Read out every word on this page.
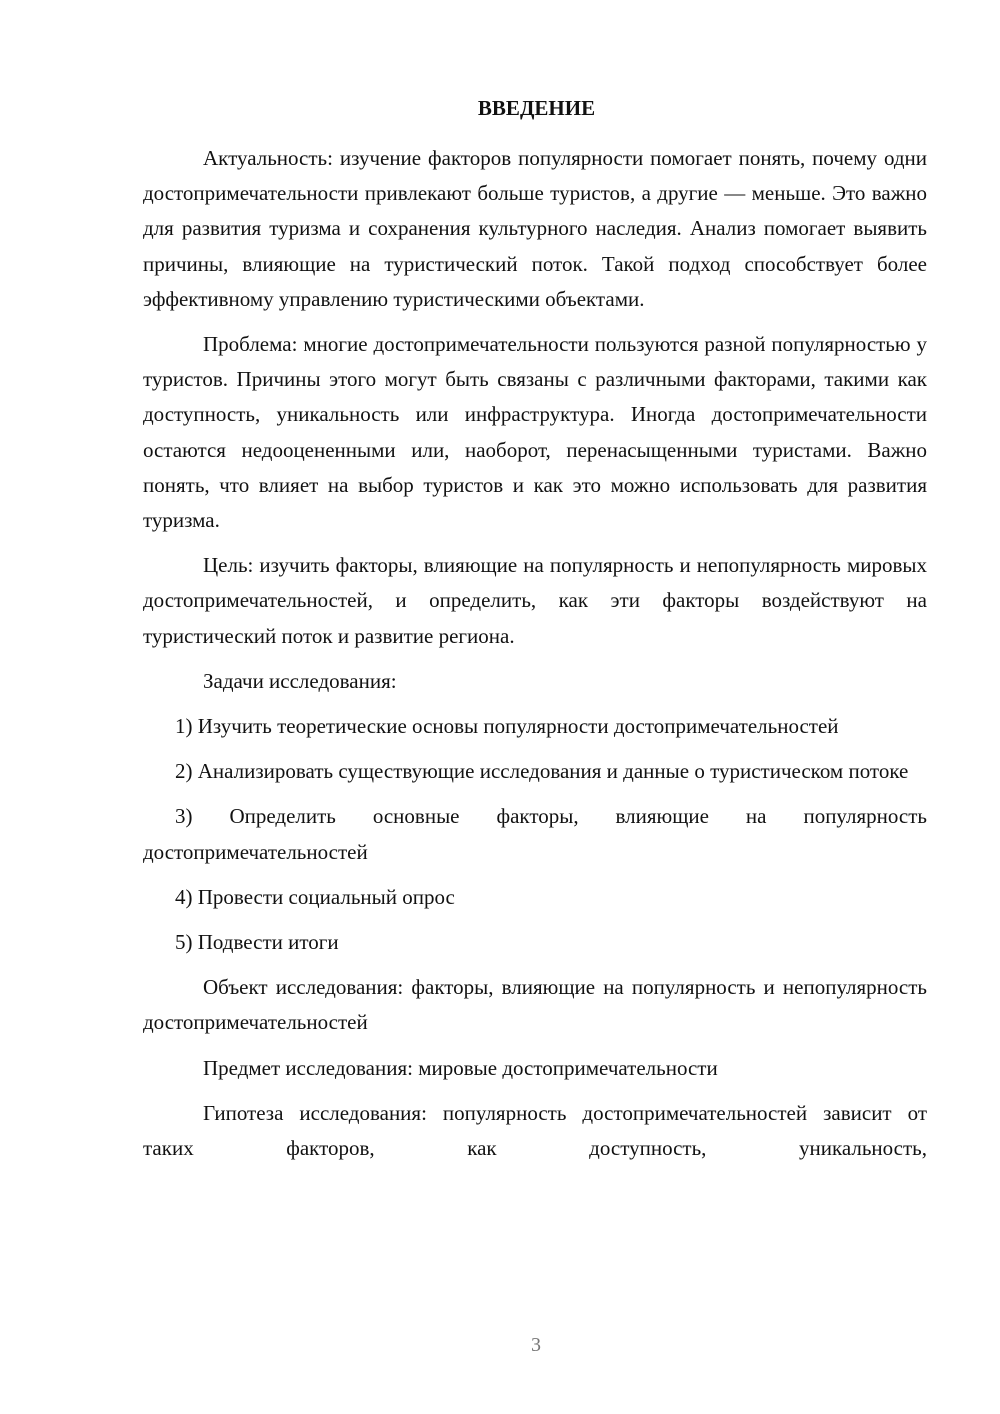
ВВЕДЕНИЕ

Актуальность: изучение факторов популярности помогает понять, почему одни достопримечательности привлекают больше туристов, а другие — меньше. Это важно для развития туризма и сохранения культурного наследия. Анализ помогает выявить причины, влияющие на туристический поток. Такой подход способствует более эффективному управлению туристическими объектами.

Проблема: многие достопримечательности пользуются разной популярностью у туристов. Причины этого могут быть связаны с различными факторами, такими как доступность, уникальность или инфраструктура. Иногда достопримечательности остаются недооцененными или, наоборот, перенасыщенными туристами. Важно понять, что влияет на выбор туристов и как это можно использовать для развития туризма.

Цель: изучить факторы, влияющие на популярность и непопулярность мировых достопримечательностей, и определить, как эти факторы воздействуют на туристический поток и развитие региона.

Задачи исследования:

1) Изучить теоретические основы популярности достопримечательностей

2) Анализировать существующие исследования и данные о туристическом потоке

3) Определить основные факторы, влияющие на популярность достопримечательностей

4) Провести социальный опрос

5) Подвести итоги

Объект исследования: факторы, влияющие на популярность и непопулярность достопримечательностей

Предмет исследования: мировые достопримечательности

Гипотеза исследования: популярность достопримечательностей зависит от таких факторов, как доступность, уникальность,

3
